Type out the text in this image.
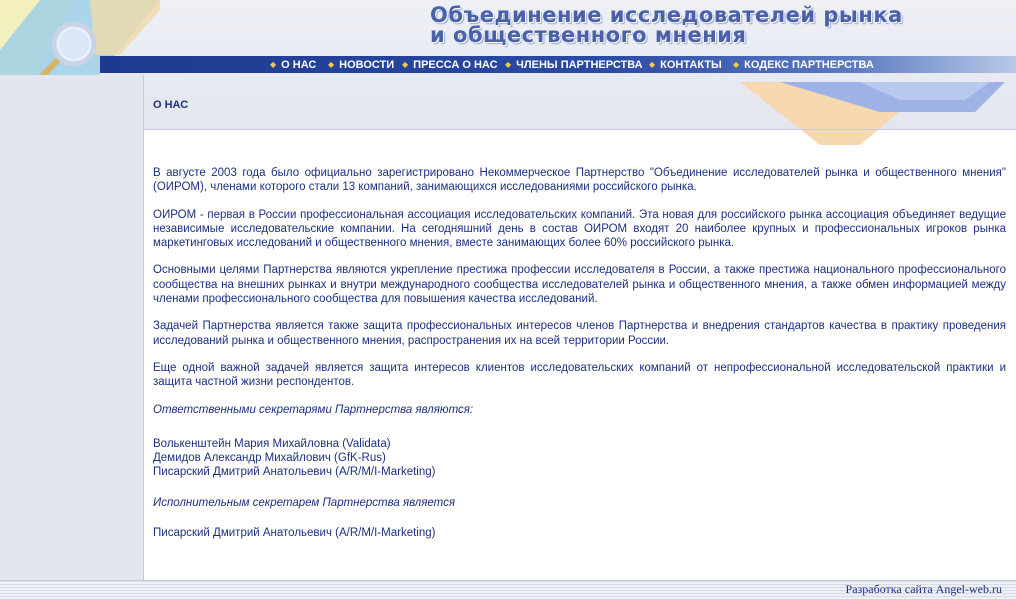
Объединение исследователей рынка
и общественного мнения
◆ О НАС ◆ НОВОСТИ ◆ ПРЕССА О НАС ◆ ЧЛЕНЫ ПАРТНЕРСТВА ◆ КОНТАКТЫ ◆ КОДЕКС ПАРТНЕРСТВА
О НАС

В августе 2003 года было официально зарегистрировано Некоммерческое Партнерство "Объединение исследователей рынка и общественного мнения" (ОИРОМ), членами которого стали 13 компаний, занимающихся исследованиями российского рынка.

ОИРОМ - первая в России профессиональная ассоциация исследовательских компаний. Эта новая для российского рынка ассоциация объединяет ведущие независимые исследовательские компании. На сегодняшний день в состав ОИРОМ входят 20 наиболее крупных и профессиональных игроков рынка маркетинговых исследований и общественного мнения, вместе занимающих более 60% российского рынка.

Основными целями Партнерства являются укрепление престижа профессии исследователя в России, а также престижа национального профессионального сообщества на внешних рынках и внутри международного сообщества исследователей рынка и общественного мнения, а также обмен информацией между членами профессионального сообщества для повышения качества исследований.

Задачей Партнерства является также защита профессиональных интересов членов Партнерства и внедрения стандартов качества в практику проведения исследований рынка и общественного мнения, распространения их на всей территории России.

Еще одной важной задачей является защита интересов клиентов исследовательских компаний от непрофессиональной исследовательской практики и защита частной жизни респондентов.

Ответственными секретарями Партнерства являются:

Волькенштейн Мария Михайловна (Validata)
Демидов Александр Михайлович (GfK-Rus)
Писарский Дмитрий Анатольевич (A/R/M/I-Marketing)

Исполнительным секретарем Партнерства является

Писарский Дмитрий Анатольевич (A/R/M/I-Marketing)
Разработка сайта Angel-web.ru
